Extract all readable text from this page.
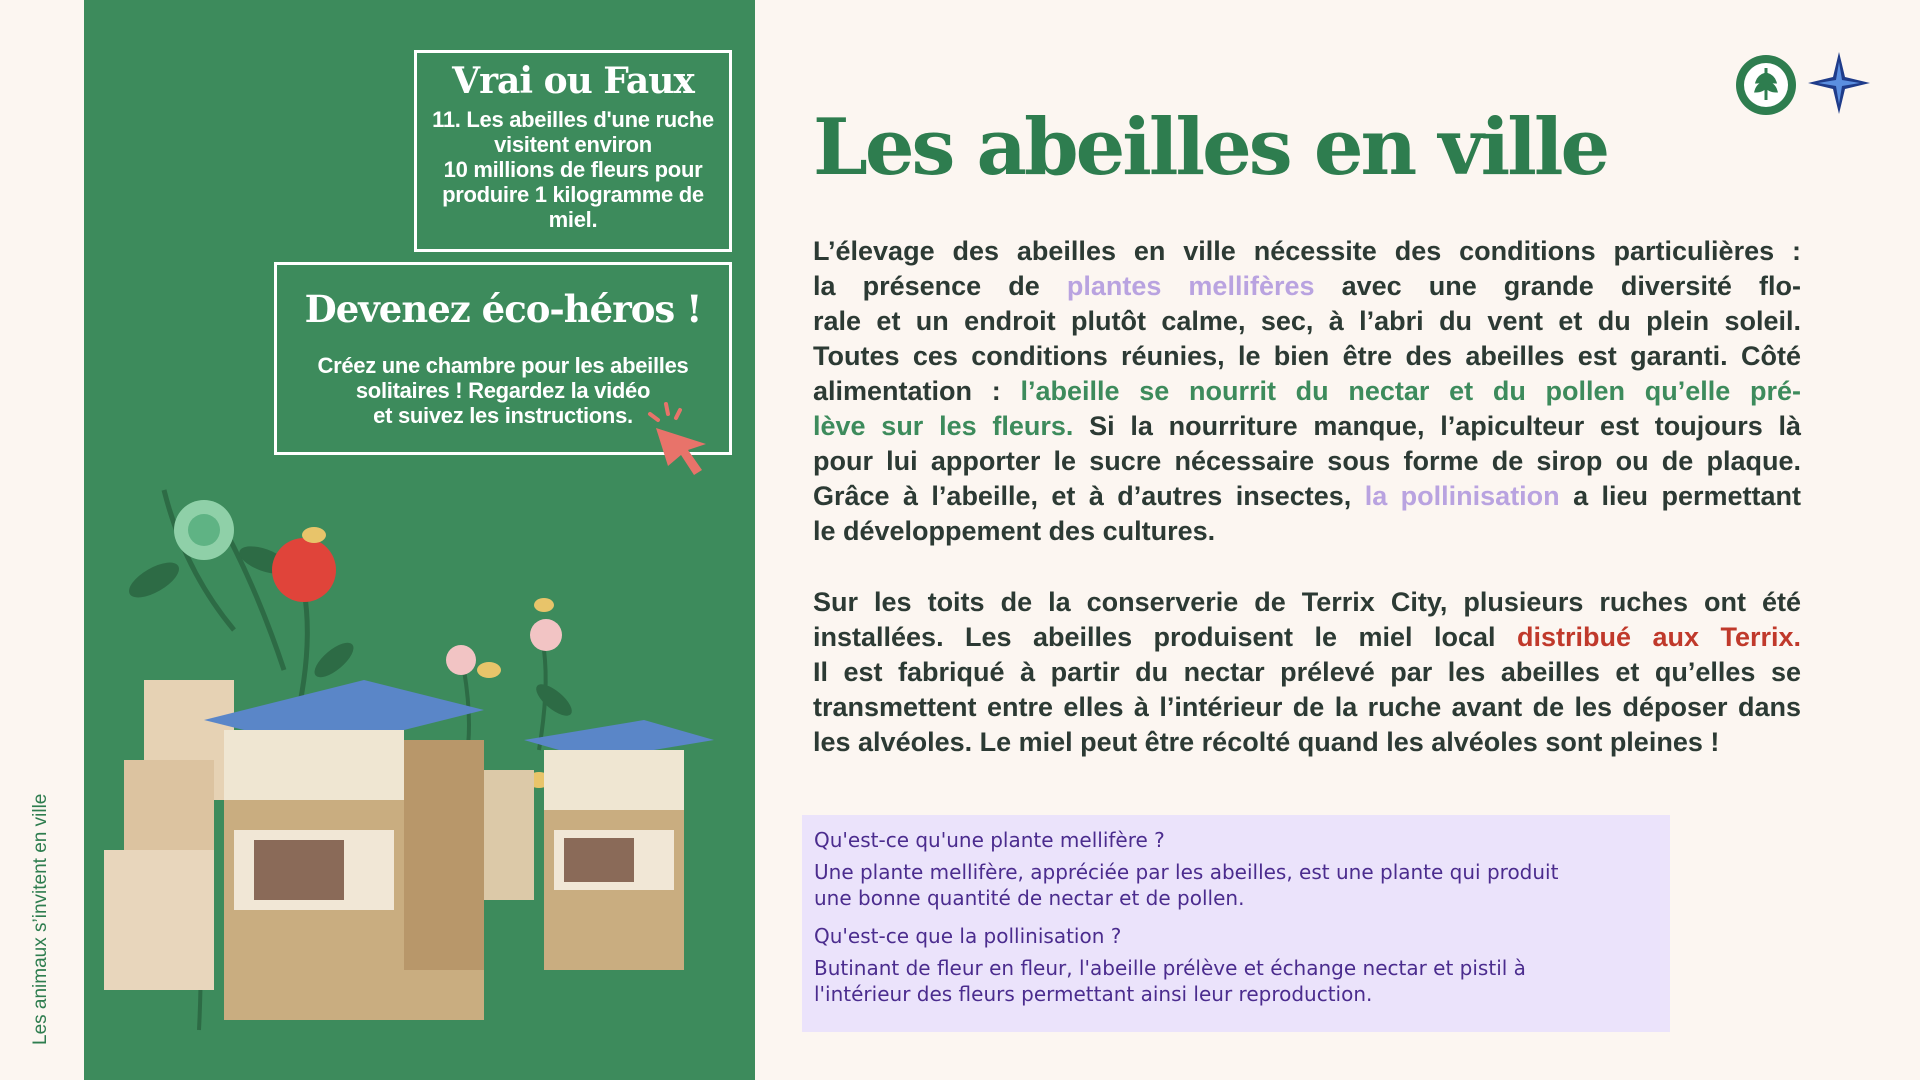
Les animaux s’invitent en ville
Vrai ou Faux
11. Les abeilles d'une ruche
visitent environ
10 millions de fleurs pour
produire 1 kilogramme de
miel.
Devenez éco-héros !
Créez une chambre pour les abeilles
solitaires ! Regardez la vidéo
et suivez les instructions.
Les abeilles en ville
L’élevage des abeilles en ville nécessite des conditions particulières :
la présence de plantes mellifères avec une grande diversité flo-
rale et un endroit plutôt calme, sec, à l’abri du vent et du plein soleil.
Toutes ces conditions réunies, le bien être des abeilles est garanti. Côté
alimentation : l’abeille se nourrit du nectar et du pollen qu’elle pré-
lève sur les fleurs. Si la nourriture manque, l’apiculteur est toujours là
pour lui apporter le sucre nécessaire sous forme de sirop ou de plaque.
Grâce à l’abeille, et à d’autres insectes, la pollinisation a lieu permettant
le développement des cultures.
Sur les toits de la conserverie de Terrix City, plusieurs ruches ont été
installées. Les abeilles produisent le miel local distribué aux Terrix.
Il est fabriqué à partir du nectar prélevé par les abeilles et qu’elles se
transmettent entre elles à l’intérieur de la ruche avant de les déposer dans
les alvéoles. Le miel peut être récolté quand les alvéoles sont pleines !

Qu'est-ce qu'une plante mellifère ?

Une plante mellifère, appréciée par les abeilles, est une plante qui produit
une bonne quantité de nectar et de pollen.

Qu'est-ce que la pollinisation ?

Butinant de fleur en fleur, l'abeille prélève et échange nectar et pistil à
l'intérieur des fleurs permettant ainsi leur reproduction.
